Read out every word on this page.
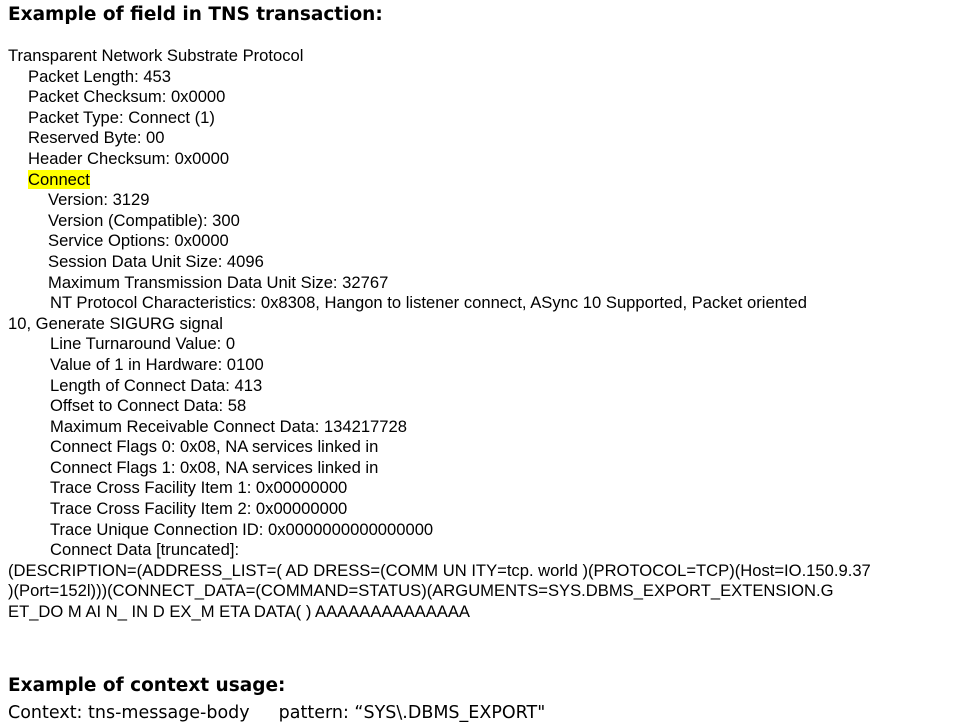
Example of field in TNS transaction:
Transparent Network Substrate Protocol
Packet Length: 453
Packet Checksum: 0x0000
Packet Type: Connect (1)
Reserved Byte: 00
Header Checksum: 0x0000
Connect
Version: 3129
Version (Compatible): 300
Service Options: 0x0000
Session Data Unit Size: 4096
Maximum Transmission Data Unit Size: 32767
NT Protocol Characteristics: 0x8308, Hangon to listener connect, ASync 10 Supported, Packet oriented
10, Generate SIGURG signal
Line Turnaround Value: 0
Value of 1 in Hardware: 0100
Length of Connect Data: 413
Offset to Connect Data: 58
Maximum Receivable Connect Data: 134217728
Connect Flags 0: 0x08, NA services linked in
Connect Flags 1: 0x08, NA services linked in
Trace Cross Facility Item 1: 0x00000000
Trace Cross Facility Item 2: 0x00000000
Trace Unique Connection ID: 0x0000000000000000
Connect Data [truncated]:
(DESCRIPTION=(ADDRESS_LIST=( AD DRESS=(COMM UN ITY=tcp. world )(PROTOCOL=TCP)(Host=IO.150.9.37
)(Port=152l)))(CONNECT_DATA=(COMMAND=STATUS)(ARGUMENTS=SYS.DBMS_EXPORT_EXTENSION.G
ET_DO M AI N_ IN D EX_M ETA DATA( ) AAAAAAAAAAAAAA
Example of context usage:
Context: tns-message-body pattern: “SYS\.DBMS_EXPORT"
